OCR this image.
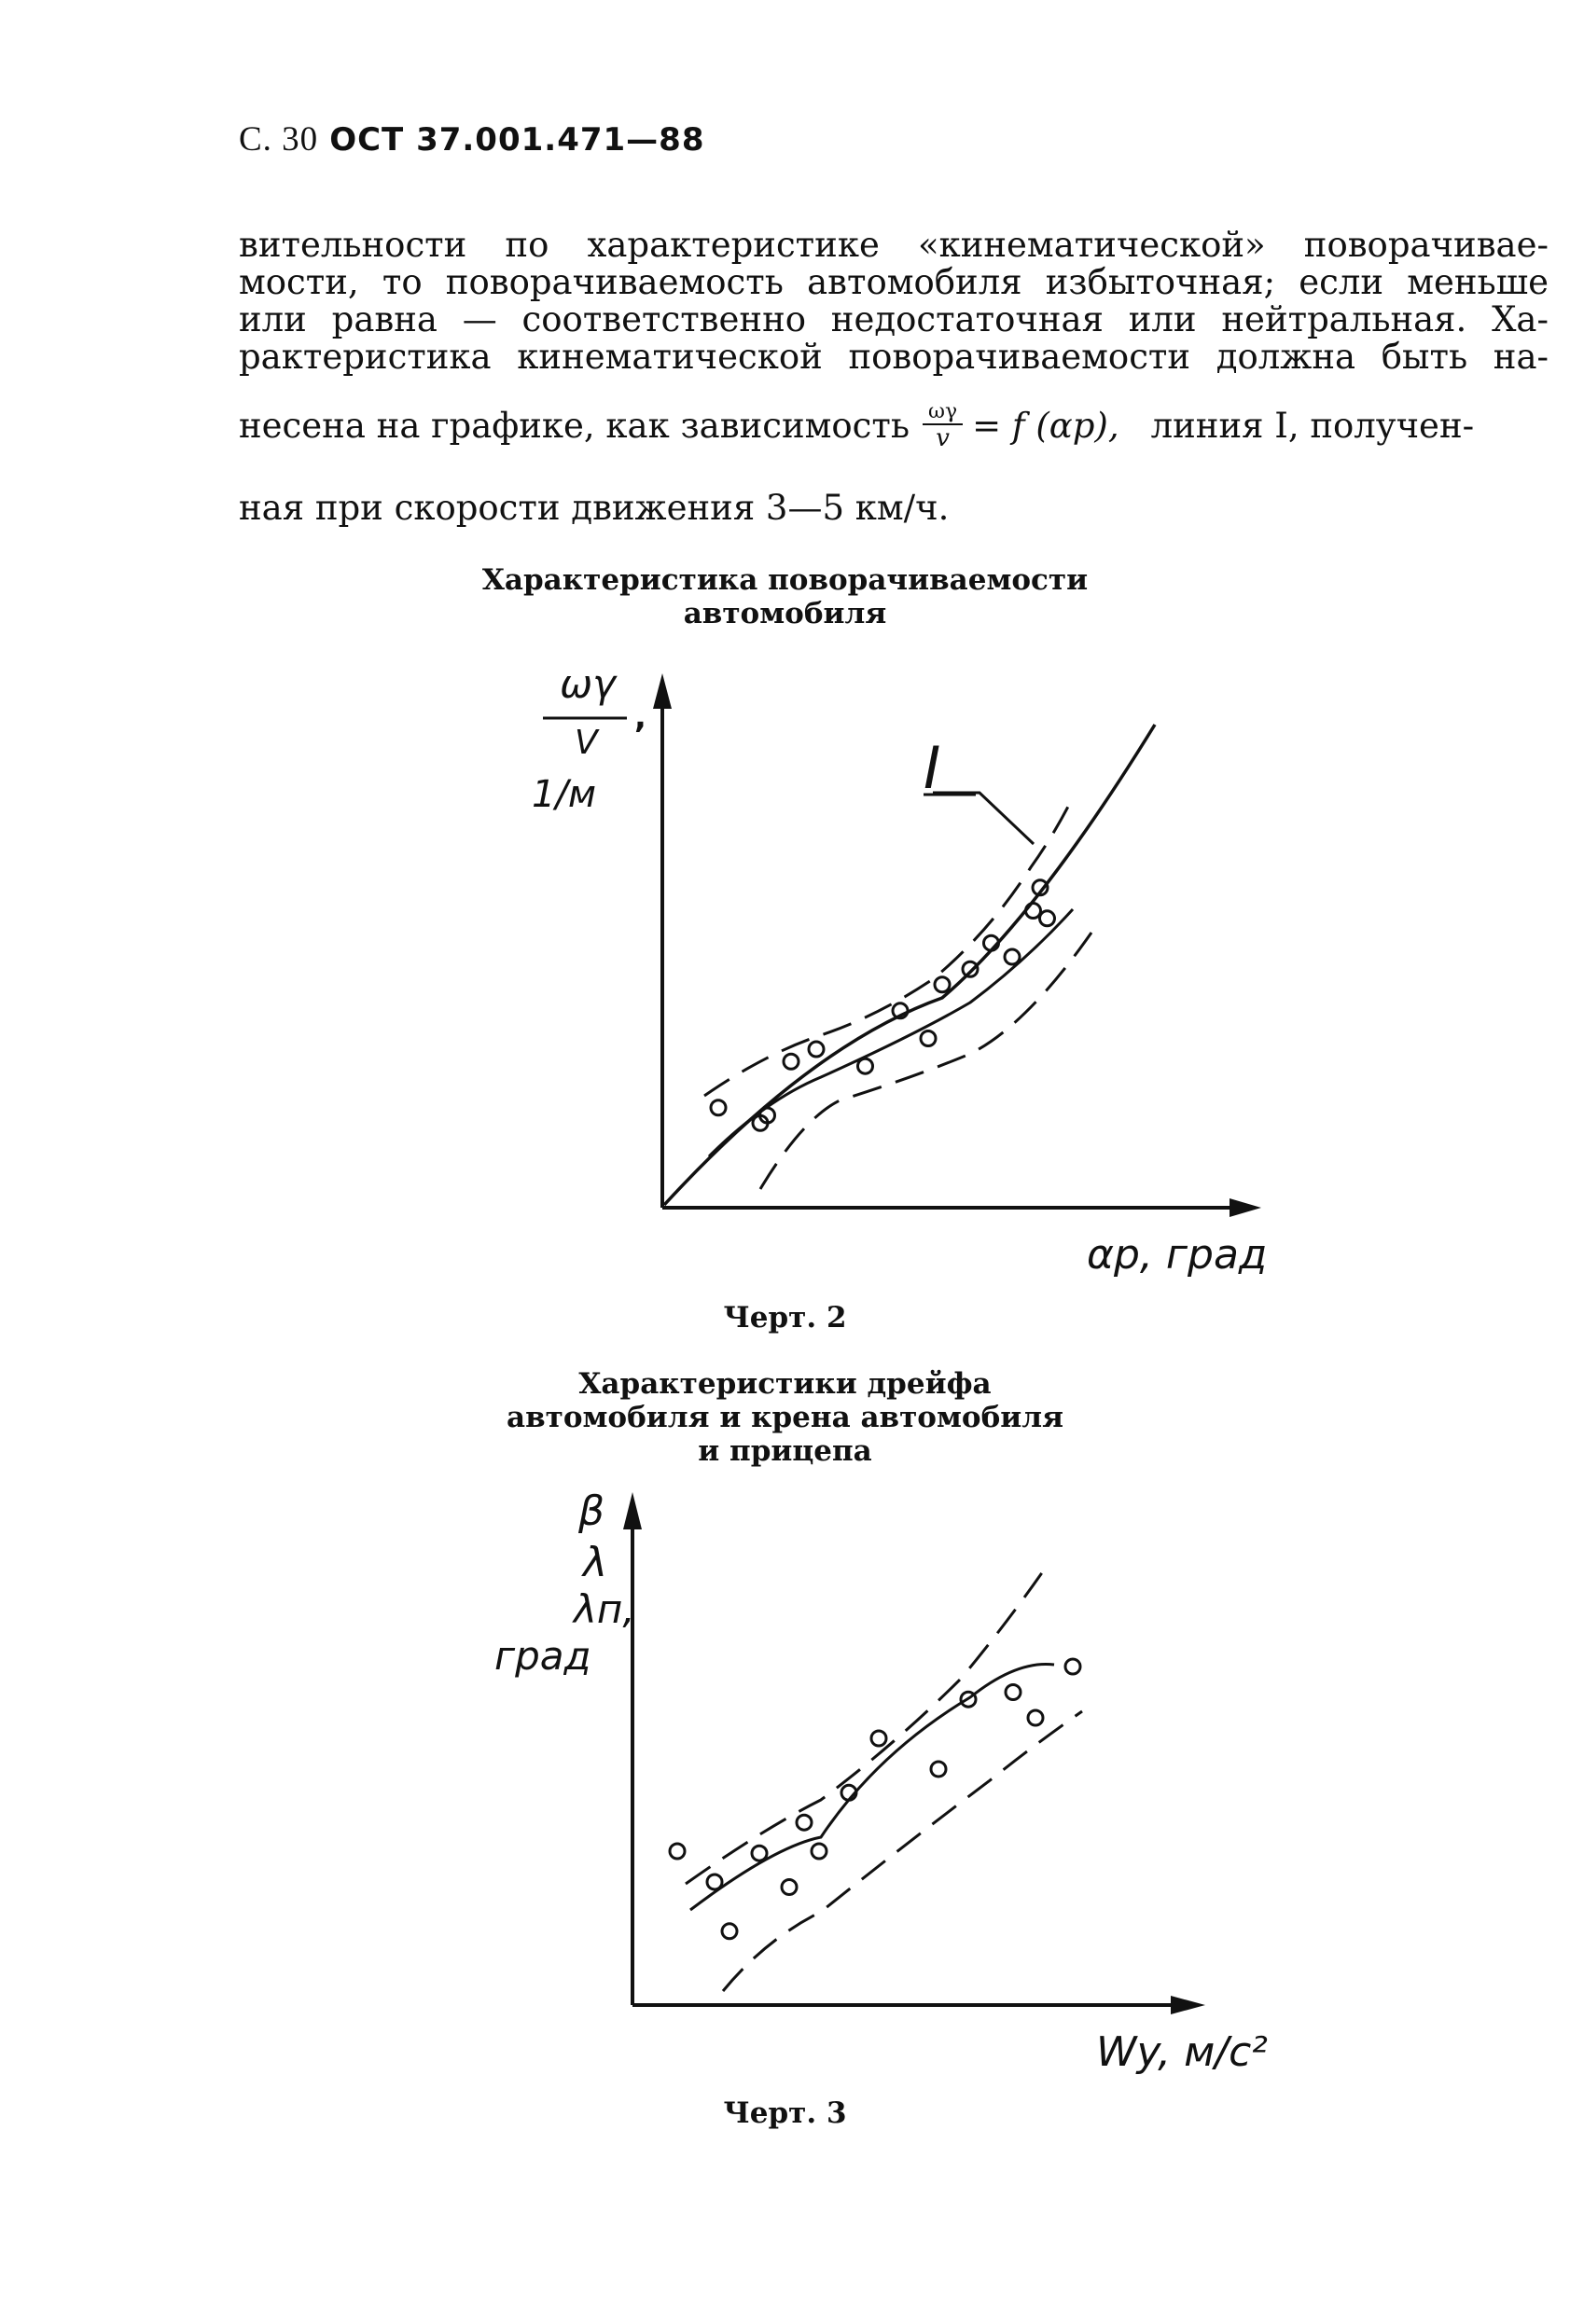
С. 30 ОСТ 37.001.471—88
вительности по характеристике «кинематической» поворачивае-
мости, то поворачиваемость автомобиля избыточная; если меньше
или равна — соответственно недостаточная или нейтральная. Ха-
рактеристика кинематической поворачиваемости должна быть на-
несена на графике, как зависимость $\frac{\omega\gamma}{v} = f$ (αр), линия I, получен-
ная при скорости движения 3—5 км/ч.
Характеристика поворачиваемости
автомобиля
I
ωγ
,
V
1/м
αр, град
Черт. 2
Характеристики дрейфа
автомобиля и крена автомобиля
и прицепа
β
λ
λп,
град
Wy, м/с²
Черт. 3
